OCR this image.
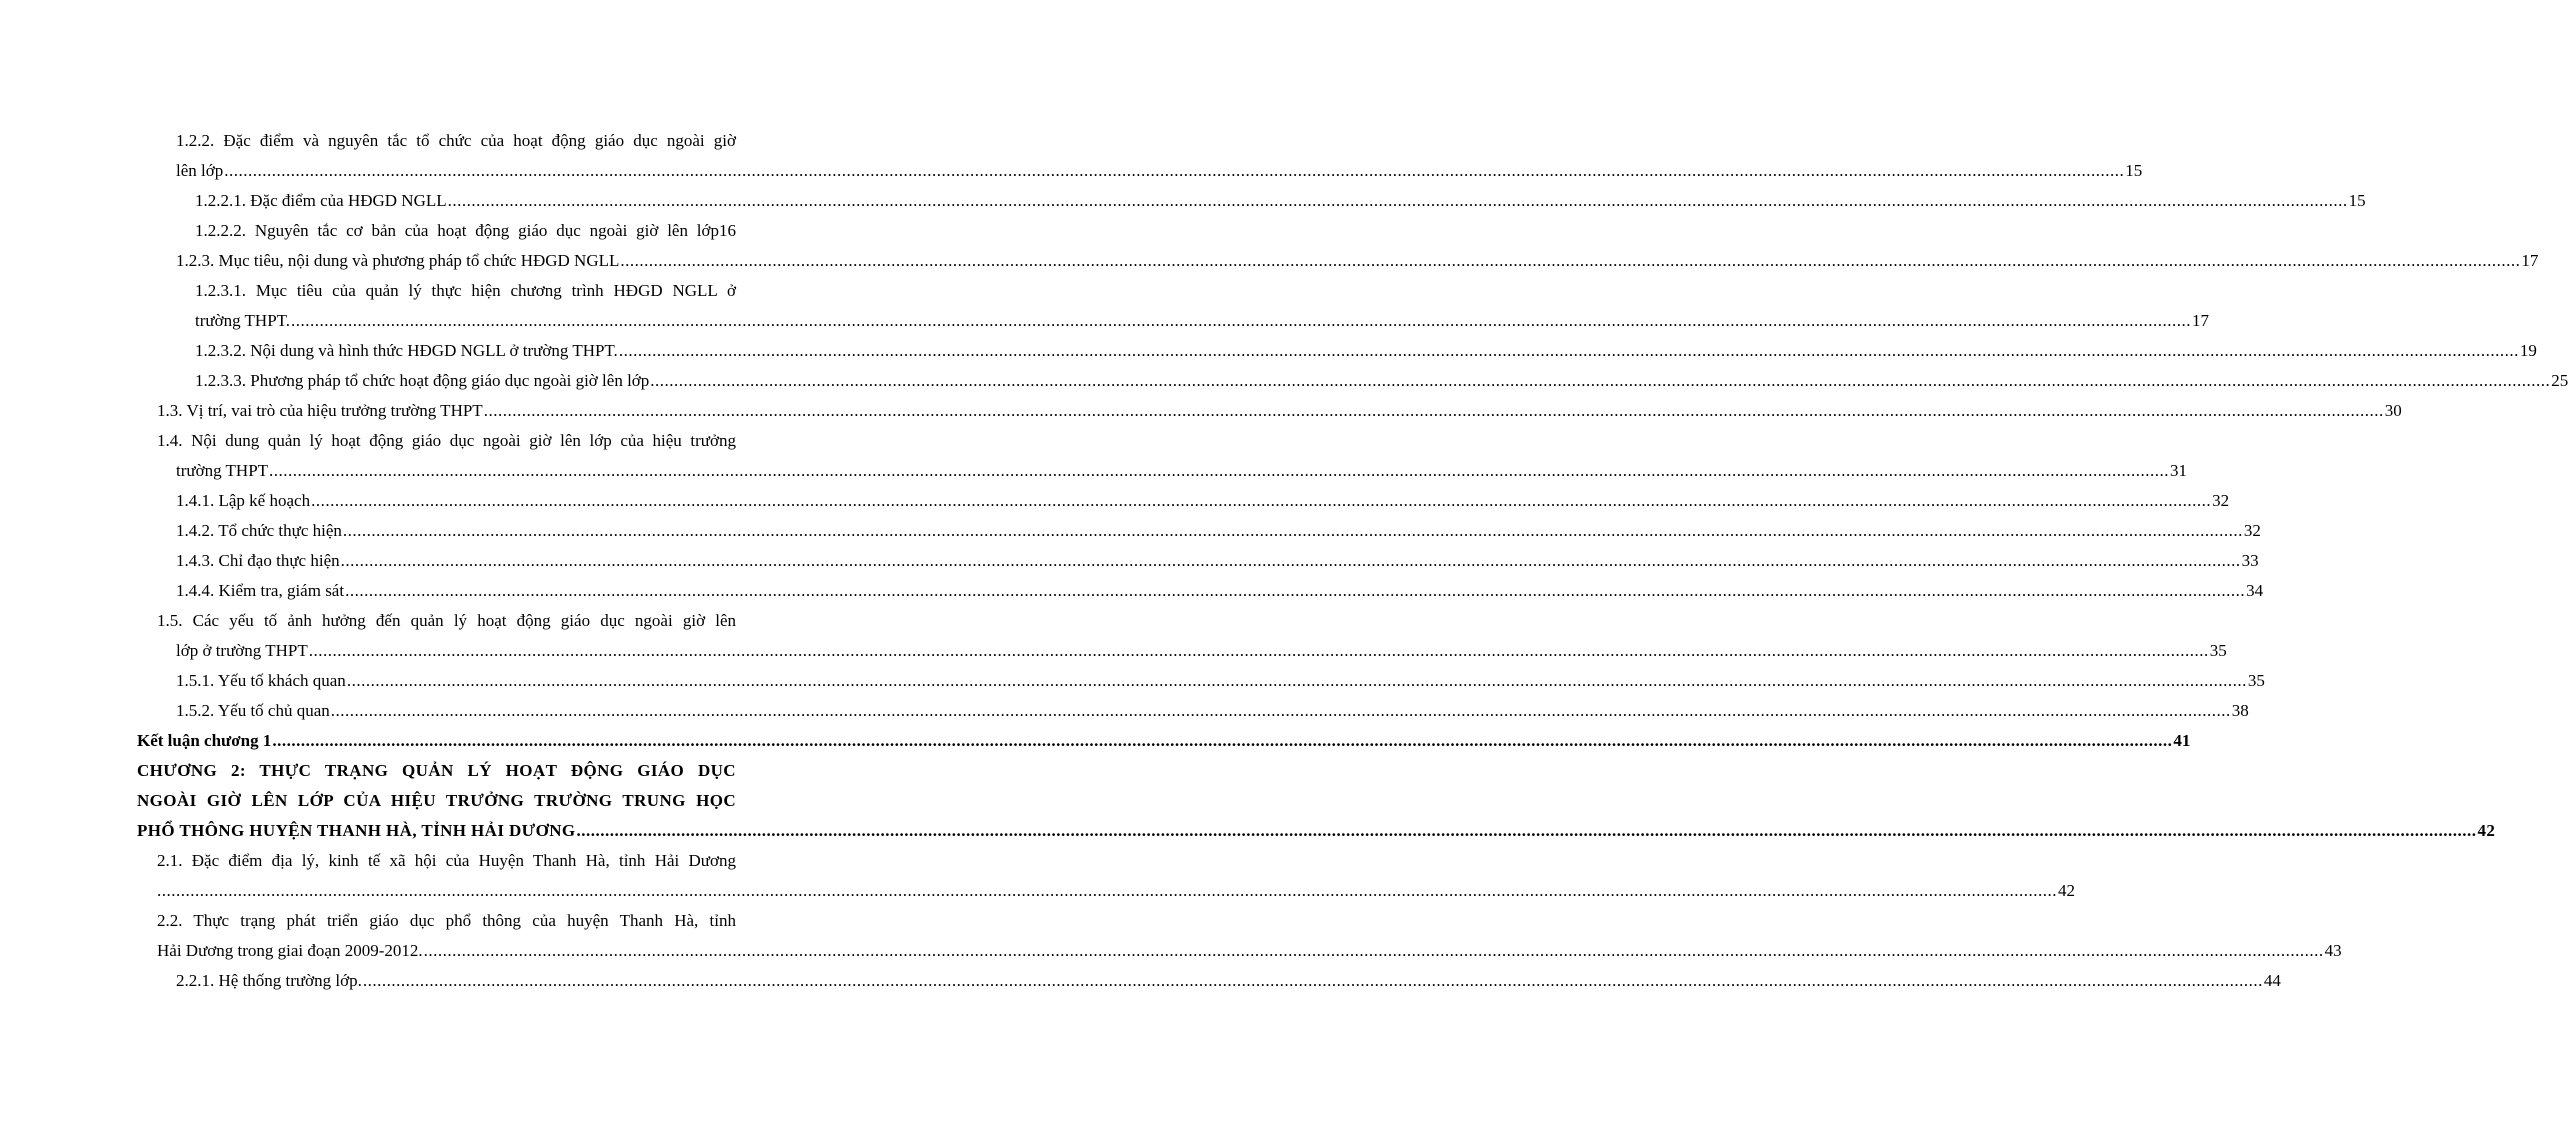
1.2.2. Đặc điểm và nguyên tắc tổ chức của hoạt động giáo dục ngoài giờ
lên lớp ................................................................................................................................................................................................................................................................................................................................................................................................................ 15
1.2.2.1. Đặc điểm của HĐGD NGLL ................................................................................................................................................................................................................................................................................................................................................................................................................ 15
1.2.2.2. Nguyên tắc cơ bản của hoạt động giáo dục ngoài giờ lên lớp16
1.2.3. Mục tiêu, nội dung và phương pháp tổ chức HĐGD NGLL ................................................................................................................................................................................................................................................................................................................................................................................................................ 17
1.2.3.1. Mục tiêu của quản lý thực hiện chương trình HĐGD NGLL ở
trường THPT. ................................................................................................................................................................................................................................................................................................................................................................................................................ 17
1.2.3.2. Nội dung và hình thức HĐGD NGLL ở trường THPT. ................................................................................................................................................................................................................................................................................................................................................................................................................ 19
1.2.3.3. Phương pháp tổ chức hoạt động giáo dục ngoài giờ lên lớp ................................................................................................................................................................................................................................................................................................................................................................................................................ 25
1.3. Vị trí, vai trò của hiệu trưởng trường THPT ................................................................................................................................................................................................................................................................................................................................................................................................................ 30
1.4. Nội dung quản lý hoạt động giáo dục ngoài giờ lên lớp của hiệu trưởng
trường THPT ................................................................................................................................................................................................................................................................................................................................................................................................................ 31
1.4.1. Lập kế hoạch ................................................................................................................................................................................................................................................................................................................................................................................................................ 32
1.4.2. Tổ chức thực hiện ................................................................................................................................................................................................................................................................................................................................................................................................................ 32
1.4.3. Chỉ đạo thực hiện ................................................................................................................................................................................................................................................................................................................................................................................................................ 33
1.4.4. Kiểm tra, giám sát ................................................................................................................................................................................................................................................................................................................................................................................................................ 34
1.5. Các yếu tố ảnh hưởng đến quản lý hoạt động giáo dục ngoài giờ lên
lớp ở trường THPT ................................................................................................................................................................................................................................................................................................................................................................................................................ 35
1.5.1. Yếu tố khách quan ................................................................................................................................................................................................................................................................................................................................................................................................................ 35
1.5.2. Yếu tố chủ quan ................................................................................................................................................................................................................................................................................................................................................................................................................ 38
Kết luận chương 1 ................................................................................................................................................................................................................................................................................................................................................................................................................ 41
CHƯƠNG 2: THỰC TRẠNG QUẢN LÝ HOẠT ĐỘNG GIÁO DỤC
NGOÀI GIỜ LÊN LỚP CỦA HIỆU TRƯỞNG TRƯỜNG TRUNG HỌC
PHỔ THÔNG HUYỆN THANH HÀ, TỈNH HẢI DƯƠNG ................................................................................................................................................................................................................................................................................................................................................................................................................ 42
2.1. Đặc điểm địa lý, kinh tế xã hội của Huyện Thanh Hà, tỉnh Hải Dương
................................................................................................................................................................................................................................................................................................................................................................................................................ 42
2.2. Thực trạng phát triển giáo dục phổ thông của huyện Thanh Hà, tỉnh
Hải Dương trong giai đoạn 2009-2012. ................................................................................................................................................................................................................................................................................................................................................................................................................ 43
2.2.1. Hệ thống trường lớp. ................................................................................................................................................................................................................................................................................................................................................................................................................ 44
